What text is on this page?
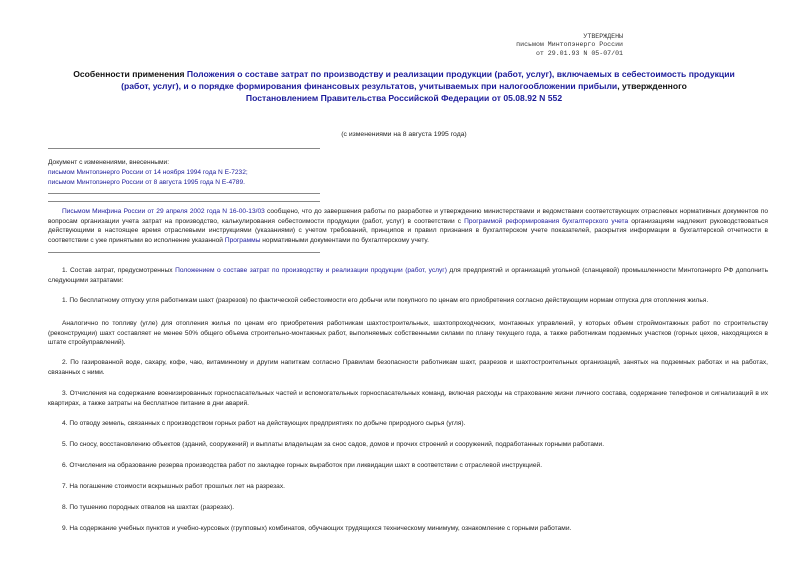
УТВЕРЖДЕНЫ
письмом Минтопэнерго России
от 29.01.93 N 05-07/01
Особенности применения Положения о составе затрат по производству и реализации продукции (работ, услуг), включаемых в себестоимость продукции (работ, услуг), и о порядке формирования финансовых результатов, учитываемых при налогообложении прибыли, утвержденного
Постановлением Правительства Российской Федерации от 05.08.92 N 552
(с изменениями на 8 августа 1995 года)
Документ с изменениями, внесенными:
письмом Минтопэнерго России от 14 ноября 1994 года N Е-7232;
письмом Минтопэнерго России от 8 августа 1995 года N Е-4789.
Письмом Минфина России от 29 апреля 2002 года N 16-00-13/03 сообщено, что до завершения работы по разработке и утверждению министерствами и ведомствами соответствующих отраслевых нормативных документов по вопросам организации учета затрат на производство, калькулирования себестоимости продукции (работ, услуг) в соответствии с Программой реформирования бухгалтерского учета организациям надлежит руководствоваться действующими в настоящее время отраслевыми инструкциями (указаниями) с учетом требований, принципов и правил признания в бухгалтерском учете показателей, раскрытия информации в бухгалтерской отчетности в соответствии с уже принятыми во исполнение указанной Программы нормативными документами по бухгалтерскому учету.
1. Состав затрат, предусмотренных Положением о составе затрат по производству и реализации продукции (работ, услуг) для предприятий и организаций угольной (сланцевой) промышленности Минтопэнерго РФ дополнить следующими затратами:
1. По бесплатному отпуску угля работникам шахт (разрезов) по фактической себестоимости его добычи или покупного по ценам его приобретения согласно действующим нормам отпуска для отопления жилья.
Аналогично по топливу (угле) для отопления жилья по ценам его приобретения работникам шахтостроительных, шахтопроходческих, монтажных управлений, у которых объем строймонтажных работ по строительству (реконструкции) шахт составляет не менее 50% общего объема строительно-монтажных работ, выполняемых собственными силами по плану текущего года, а также работникам подземных участков (горных цехов, находящихся в штате стройуправлений).
2. По газированной воде, сахару, кофе, чаю, витаминному и другим напиткам согласно Правилам безопасности работникам шахт, разрезов и шахтостроительных организаций, занятых на подземных работах и на работах, связанных с ними.
3. Отчисления на содержание военизированных горноспасательных частей и вспомогательных горноспасательных команд, включая расходы на страхование жизни личного состава, содержание телефонов и сигнализаций в их квартирах, а также затраты на бесплатное питание в дни аварий.
4. По отводу земель, связанных с производством горных работ на действующих предприятиях по добыче природного сырья (угля).
5. По сносу, восстановлению объектов (зданий, сооружений) и выплаты владельцам за снос садов, домов и прочих строений и сооружений, подработанных горными работами.
6. Отчисления на образование резерва производства работ по закладке горных выработок при ликвидации шахт в соответствии с отраслевой инструкцией.
7. На погашение стоимости вскрышных работ прошлых лет на разрезах.
8. По тушению породных отвалов на шахтах (разрезах).
9. На содержание учебных пунктов и учебно-курсовых (групповых) комбинатов, обучающих трудящихся техническому минимуму, ознакомление с горными работами.
